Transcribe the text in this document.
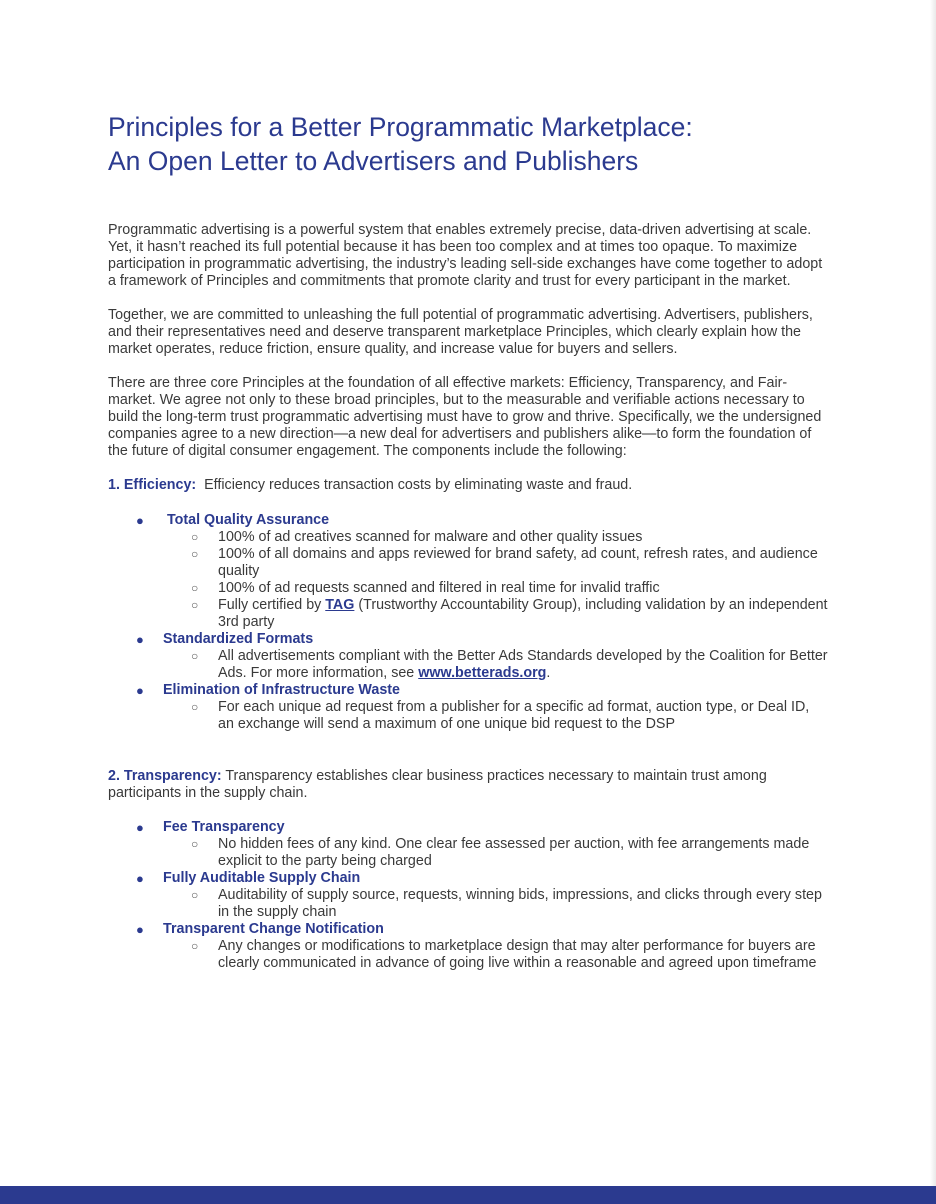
Principles for a Better Programmatic Marketplace:
An Open Letter to Advertisers and Publishers

Programmatic advertising is a powerful system that enables extremely precise, data-driven advertising at scale. Yet, it hasn’t reached its full potential because it has been too complex and at times too opaque. To maximize participation in programmatic advertising, the industry’s leading sell-side exchanges have come together to adopt a framework of Principles and commitments that promote clarity and trust for every participant in the market.

Together, we are committed to unleashing the full potential of programmatic advertising. Advertisers, publishers, and their representatives need and deserve transparent marketplace Principles, which clearly explain how the market operates, reduce friction, ensure quality, and increase value for buyers and sellers.

There are three core Principles at the foundation of all effective markets: Efficiency, Transparency, and Fair-market. We agree not only to these broad principles, but to the measurable and verifiable actions necessary to build the long-term trust programmatic advertising must have to grow and thrive. Specifically, we the undersigned companies agree to a new direction—a new deal for advertisers and publishers alike—to form the foundation of the future of digital consumer engagement. The components include the following:

1. Efficiency:  Efficiency reduces transaction costs by eliminating waste and fraud.

● Total Quality Assurance
○ 100% of ad creatives scanned for malware and other quality issues
○ 100% of all domains and apps reviewed for brand safety, ad count, refresh rates, and audience quality
○ 100% of ad requests scanned and filtered in real time for invalid traffic
○ Fully certified by TAG (Trustworthy Accountability Group), including validation by an independent 3rd party
● Standardized Formats
○ All advertisements compliant with the Better Ads Standards developed by the Coalition for Better Ads. For more information, see www.betterads.org.
● Elimination of Infrastructure Waste
○ For each unique ad request from a publisher for a specific ad format, auction type, or Deal ID, an exchange will send a maximum of one unique bid request to the DSP

2. Transparency: Transparency establishes clear business practices necessary to maintain trust among participants in the supply chain.

● Fee Transparency
○ No hidden fees of any kind. One clear fee assessed per auction, with fee arrangements made explicit to the party being charged
● Fully Auditable Supply Chain
○ Auditability of supply source, requests, winning bids, impressions, and clicks through every step in the supply chain
● Transparent Change Notification
○ Any changes or modifications to marketplace design that may alter performance for buyers are clearly communicated in advance of going live within a reasonable and agreed upon timeframe
